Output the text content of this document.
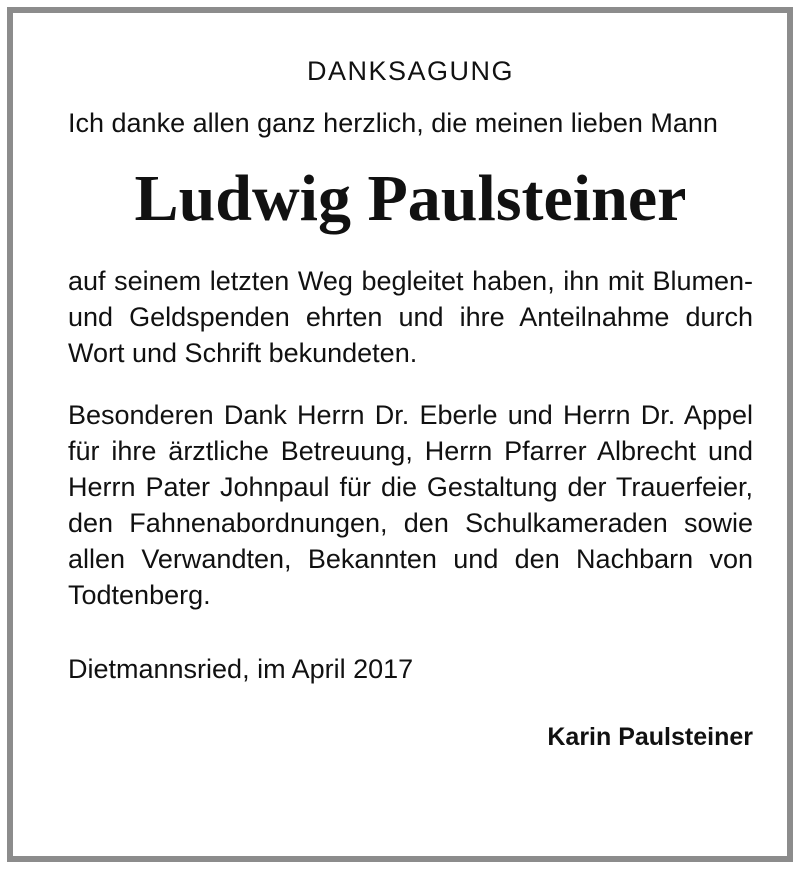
DANKSAGUNG

Ich danke allen ganz herzlich, die meinen lieben Mann

Ludwig Paulsteiner

auf seinem letzten Weg begleitet haben, ihn mit Blumen- und Geldspenden ehrten und ihre Anteilnahme durch Wort und Schrift bekundeten.

Besonderen Dank Herrn Dr. Eberle und Herrn Dr. Appel für ihre ärztliche Betreuung, Herrn Pfarrer Albrecht und Herrn Pater Johnpaul für die Gestaltung der Trauerfeier, den Fahnenabordnungen, den Schulkameraden sowie allen Verwandten, Bekannten und den Nachbarn von Todtenberg.

Dietmannsried, im April 2017

Karin Paulsteiner
